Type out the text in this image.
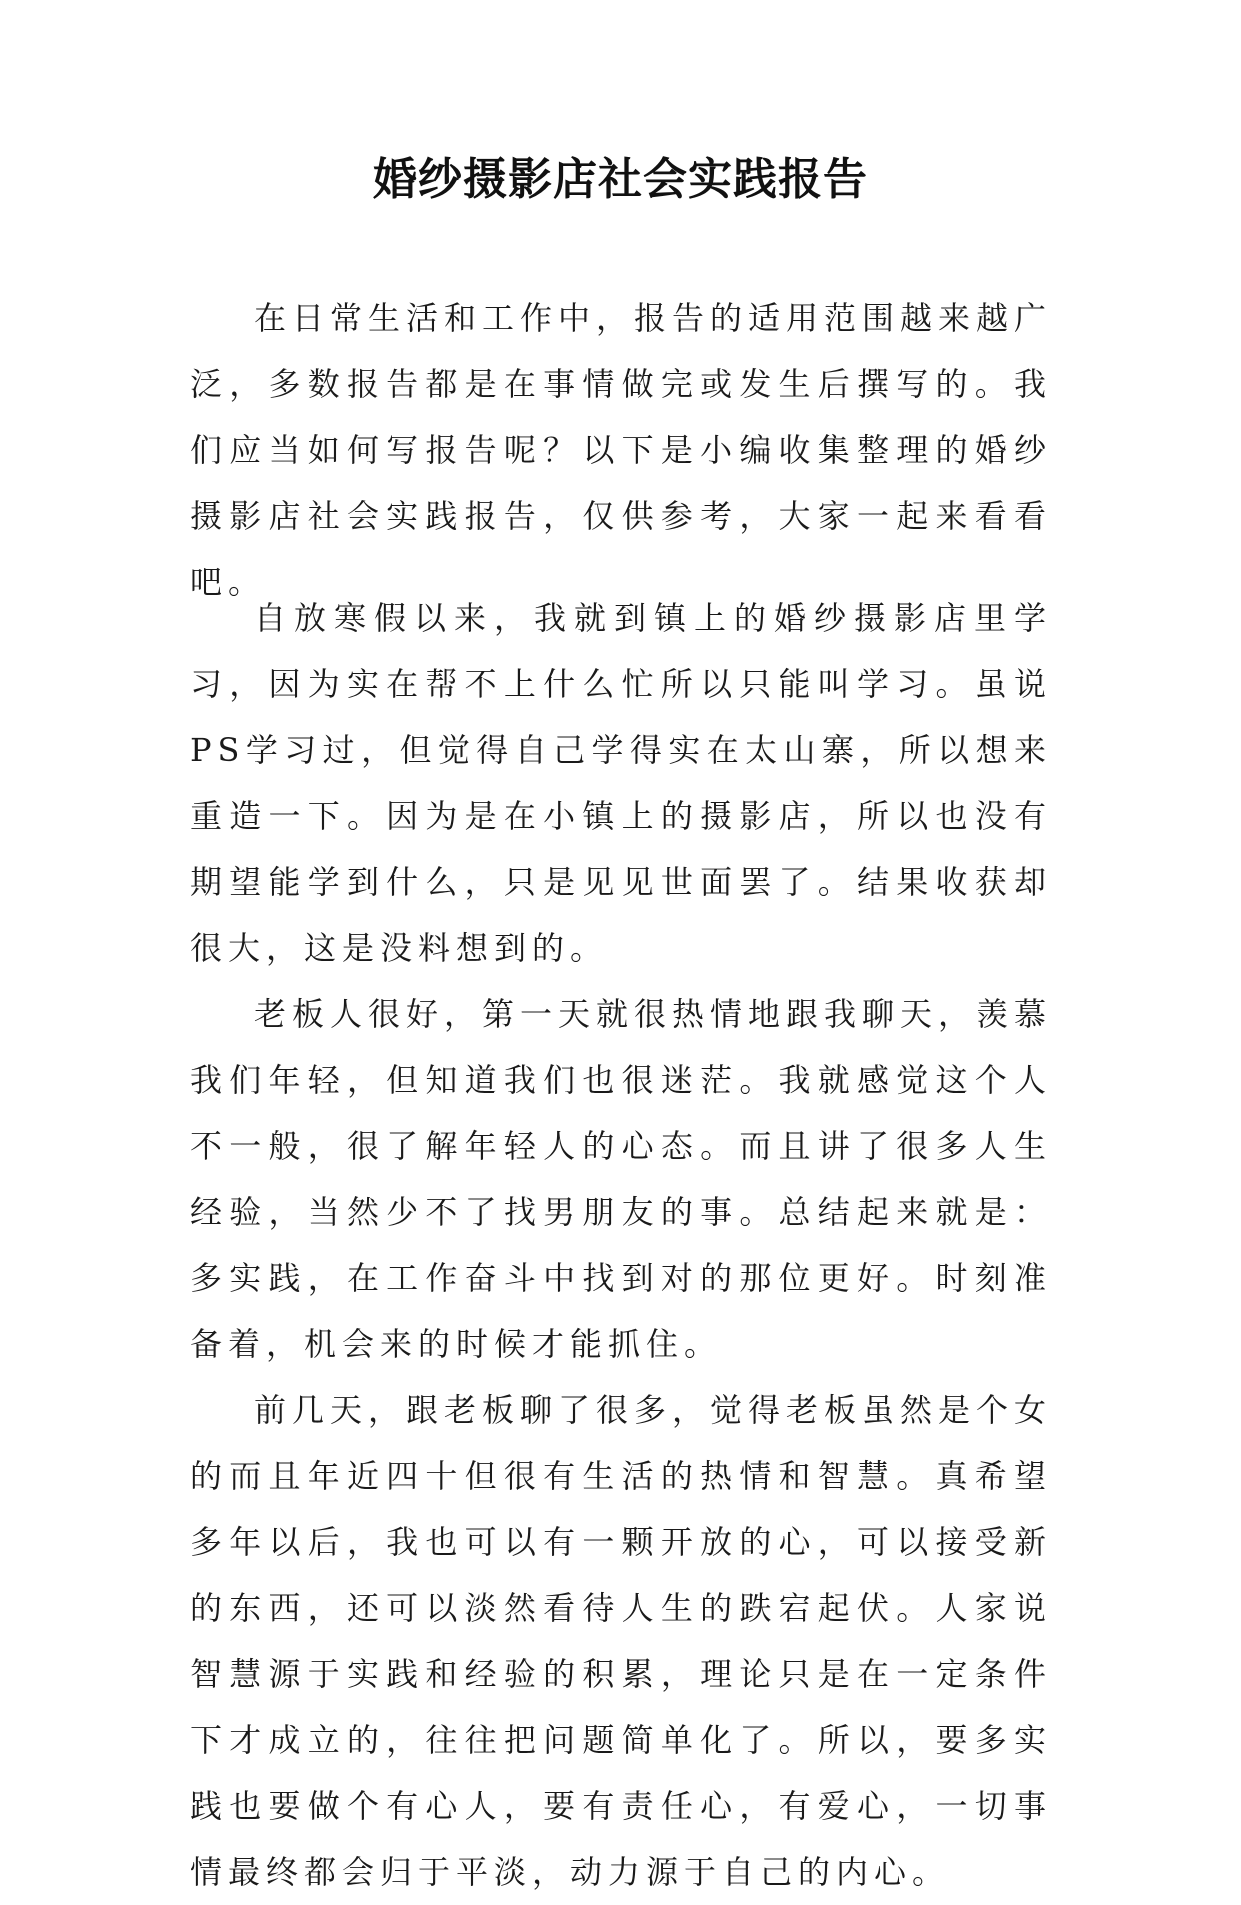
婚纱摄影店社会实践报告

在日常生活和工作中，报告的适用范围越来越广泛，多数报告都是在事情做完或发生后撰写的。我们应当如何写报告呢？以下是小编收集整理的婚纱摄影店社会实践报告，仅供参考，大家一起来看看吧。

自放寒假以来，我就到镇上的婚纱摄影店里学习，因为实在帮不上什么忙所以只能叫学习。虽说PS学习过，但觉得自己学得实在太山寨，所以想来重造一下。因为是在小镇上的摄影店，所以也没有期望能学到什么，只是见见世面罢了。结果收获却很大，这是没料想到的。

老板人很好，第一天就很热情地跟我聊天，羡慕我们年轻，但知道我们也很迷茫。我就感觉这个人不一般，很了解年轻人的心态。而且讲了很多人生经验，当然少不了找男朋友的事。总结起来就是：多实践，在工作奋斗中找到对的那位更好。时刻准备着，机会来的时候才能抓住。

前几天，跟老板聊了很多，觉得老板虽然是个女的而且年近四十但很有生活的热情和智慧。真希望多年以后，我也可以有一颗开放的心，可以接受新的东西，还可以淡然看待人生的跌宕起伏。人家说智慧源于实践和经验的积累，理论只是在一定条件下才成立的，往往把问题简单化了。所以，要多实践也要做个有心人，要有责任心，有爱心，一切事情最终都会归于平淡，动力源于自己的内心。
